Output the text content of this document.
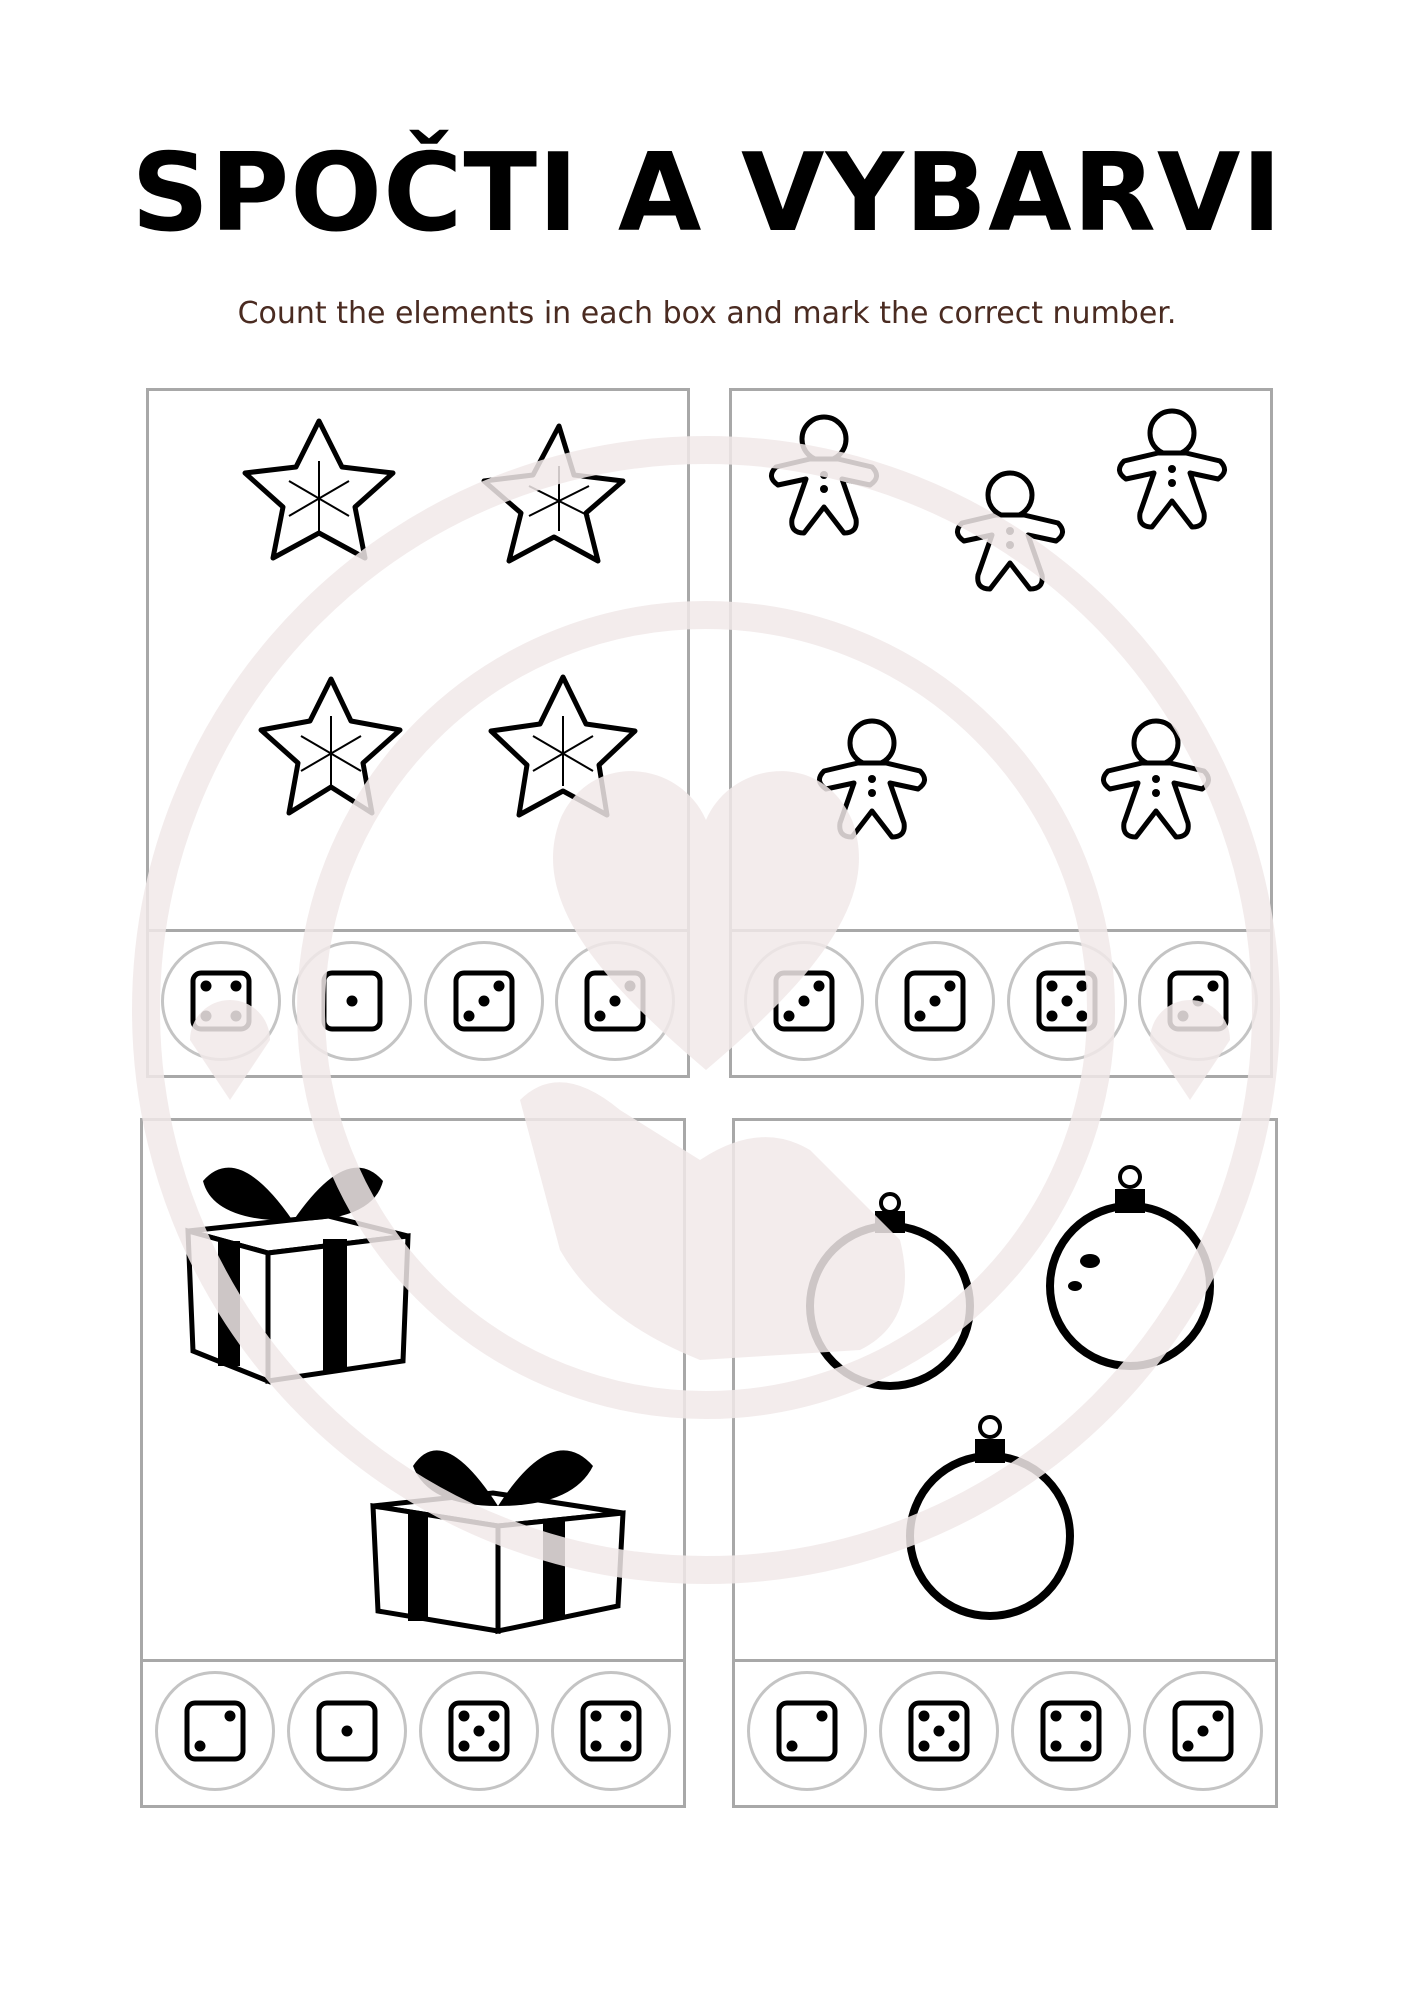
SPOČTI A VYBARVI

Count the elements in each box and mark the correct number.
